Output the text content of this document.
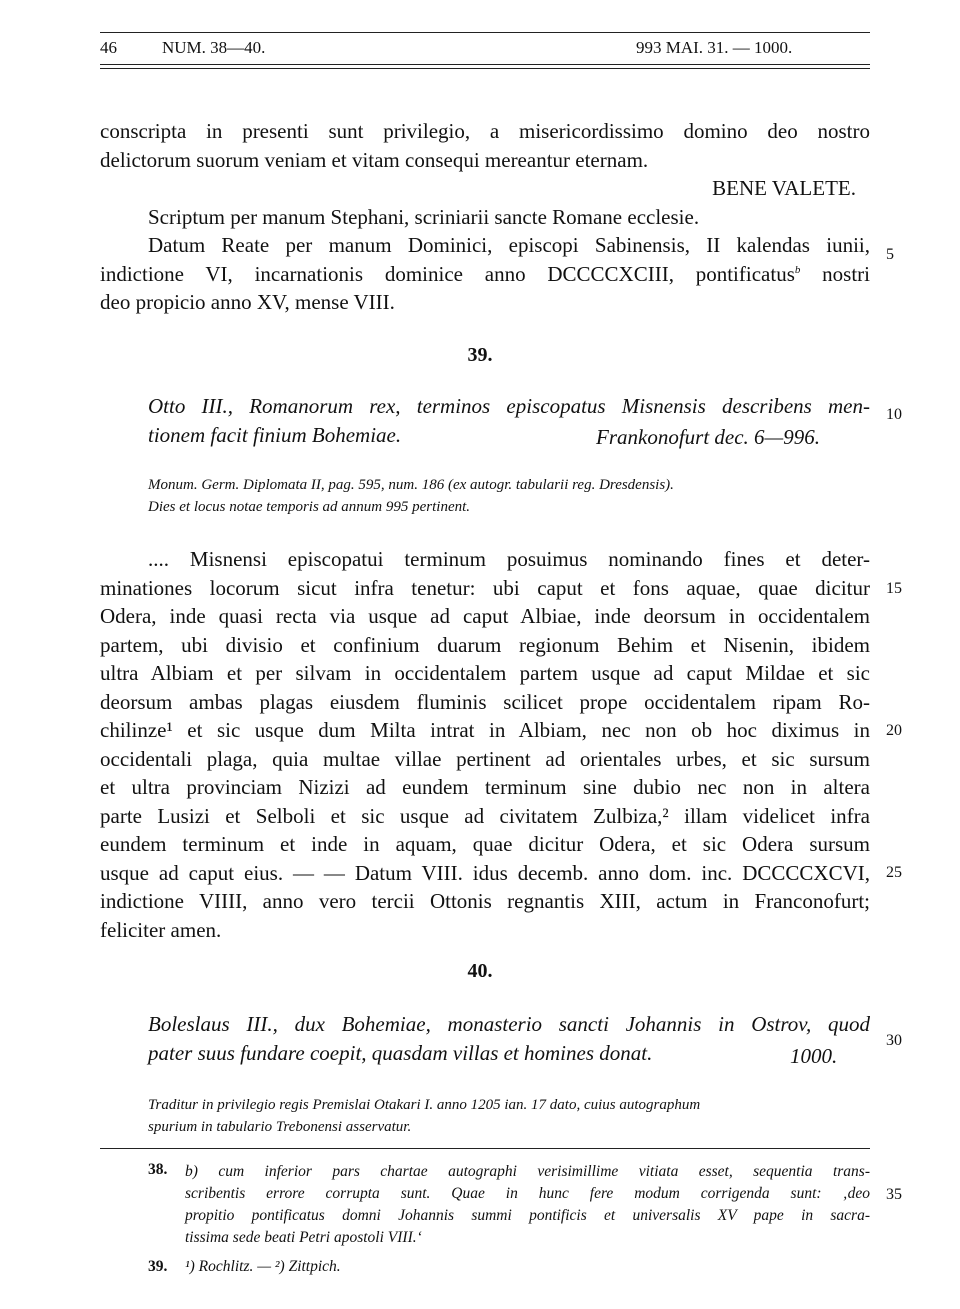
46	NUM. 38—40.	993 MAI. 31. — 1000.
conscripta in presenti sunt privilegio, a misericordissimo domino deo nostro
delictorum suorum veniam et vitam consequi mereantur eternam.
BENE VALETE.
Scriptum per manum Stephani, scriniarii sancte Romane ecclesie.
Datum Reate per manum Dominici, episcopi Sabinensis, II kalendas iunii,
indictione VI, incarnationis dominice anno DCCCCXCIII, pontificatus$^b$ nostri
deo propicio anno XV, mense VIII.
39.
Otto III., Romanorum rex, terminos episcopatus Misnensis describens men-
tionem facit finium Bohemiae.	Frankonofurt dec. 6—996.
Monum. Germ. Diplomata II, pag. 595, num. 186 (ex autogr. tabularii reg. Dresdensis).
Dies et locus notae temporis ad annum 995 pertinent.
.... Misnensi episcopatui terminum posuimus nominando fines et deter-
minationes locorum sicut infra tenetur: ubi caput et fons aquae, quae dicitur
Odera, inde quasi recta via usque ad caput Albiae, inde deorsum in occidentalem
partem, ubi divisio et confinium duarum regionum Behim et Nisenin, ibidem
ultra Albiam et per silvam in occidentalem partem usque ad caput Mildae et sic
deorsum ambas plagas eiusdem fluminis scilicet prope occidentalem ripam Ro-
chilinze¹ et sic usque dum Milta intrat in Albiam, nec non ob hoc diximus in
occidentali plaga, quia multae villae pertinent ad orientales urbes, et sic sursum
et ultra provinciam Nizizi ad eundem terminum sine dubio nec non in altera
parte Lusizi et Selboli et sic usque ad civitatem Zulbiza,² illam videlicet infra
eundem terminum et inde in aquam, quae dicitur Odera, et sic Odera sursum
usque ad caput eius. — — Datum VIII. idus decemb. anno dom. inc. DCCCCXCVI,
indictione VIIII, anno vero tercii Ottonis regnantis XIII, actum in Franconofurt;
feliciter amen.
40.
Boleslaus III., dux Bohemiae, monasterio sancti Johannis in Ostrov, quod
pater suus fundare coepit, quasdam villas et homines donat.	1000.
Traditur in privilegio regis Premislai Otakari I. anno 1205 ian. 17 dato, cuius autographum
spurium in tabulario Trebonensi asservatur.
38. b) cum inferior pars chartae autographi verisimillime vitiata esset, sequentia trans-
scribentis errore corrupta sunt. Quae in hunc fere modum corrigenda sunt: ‚deo
propitio pontificatus domni Johannis summi pontificis et universalis XV pape in sacra-
tissima sede beati Petri apostoli VIII.‘
39. ¹) Rochlitz. — ²) Zittpich.
5
10
15
20
25
30
35
